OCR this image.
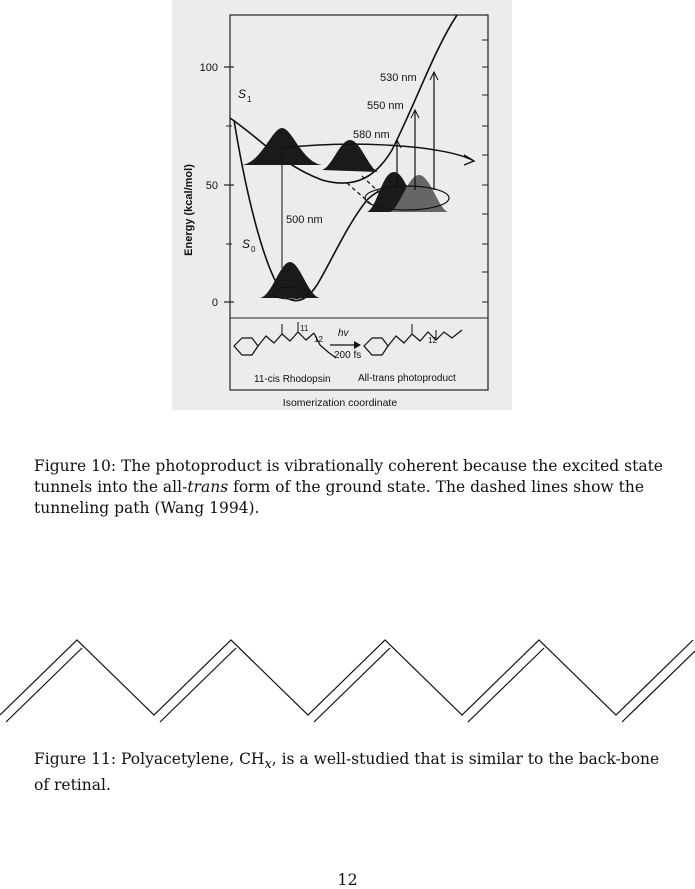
100
50
0
Energy (kcal/mol)
S 1
S 0
530 nm
550 nm
580 nm
500 nm
11
12
hv
200 fs
12
11-cis Rhodopsin	All-trans photoproduct
Isomerization coordinate
Figure 10: The photoproduct is vibrationally coherent because the excited state tunnels into the all-trans form of the ground state. The dashed lines show the tunneling path (Wang 1994).
Figure 11: Polyacetylene, $CH_x$, is a well-studied that is similar to the back-bone of retinal.
12
